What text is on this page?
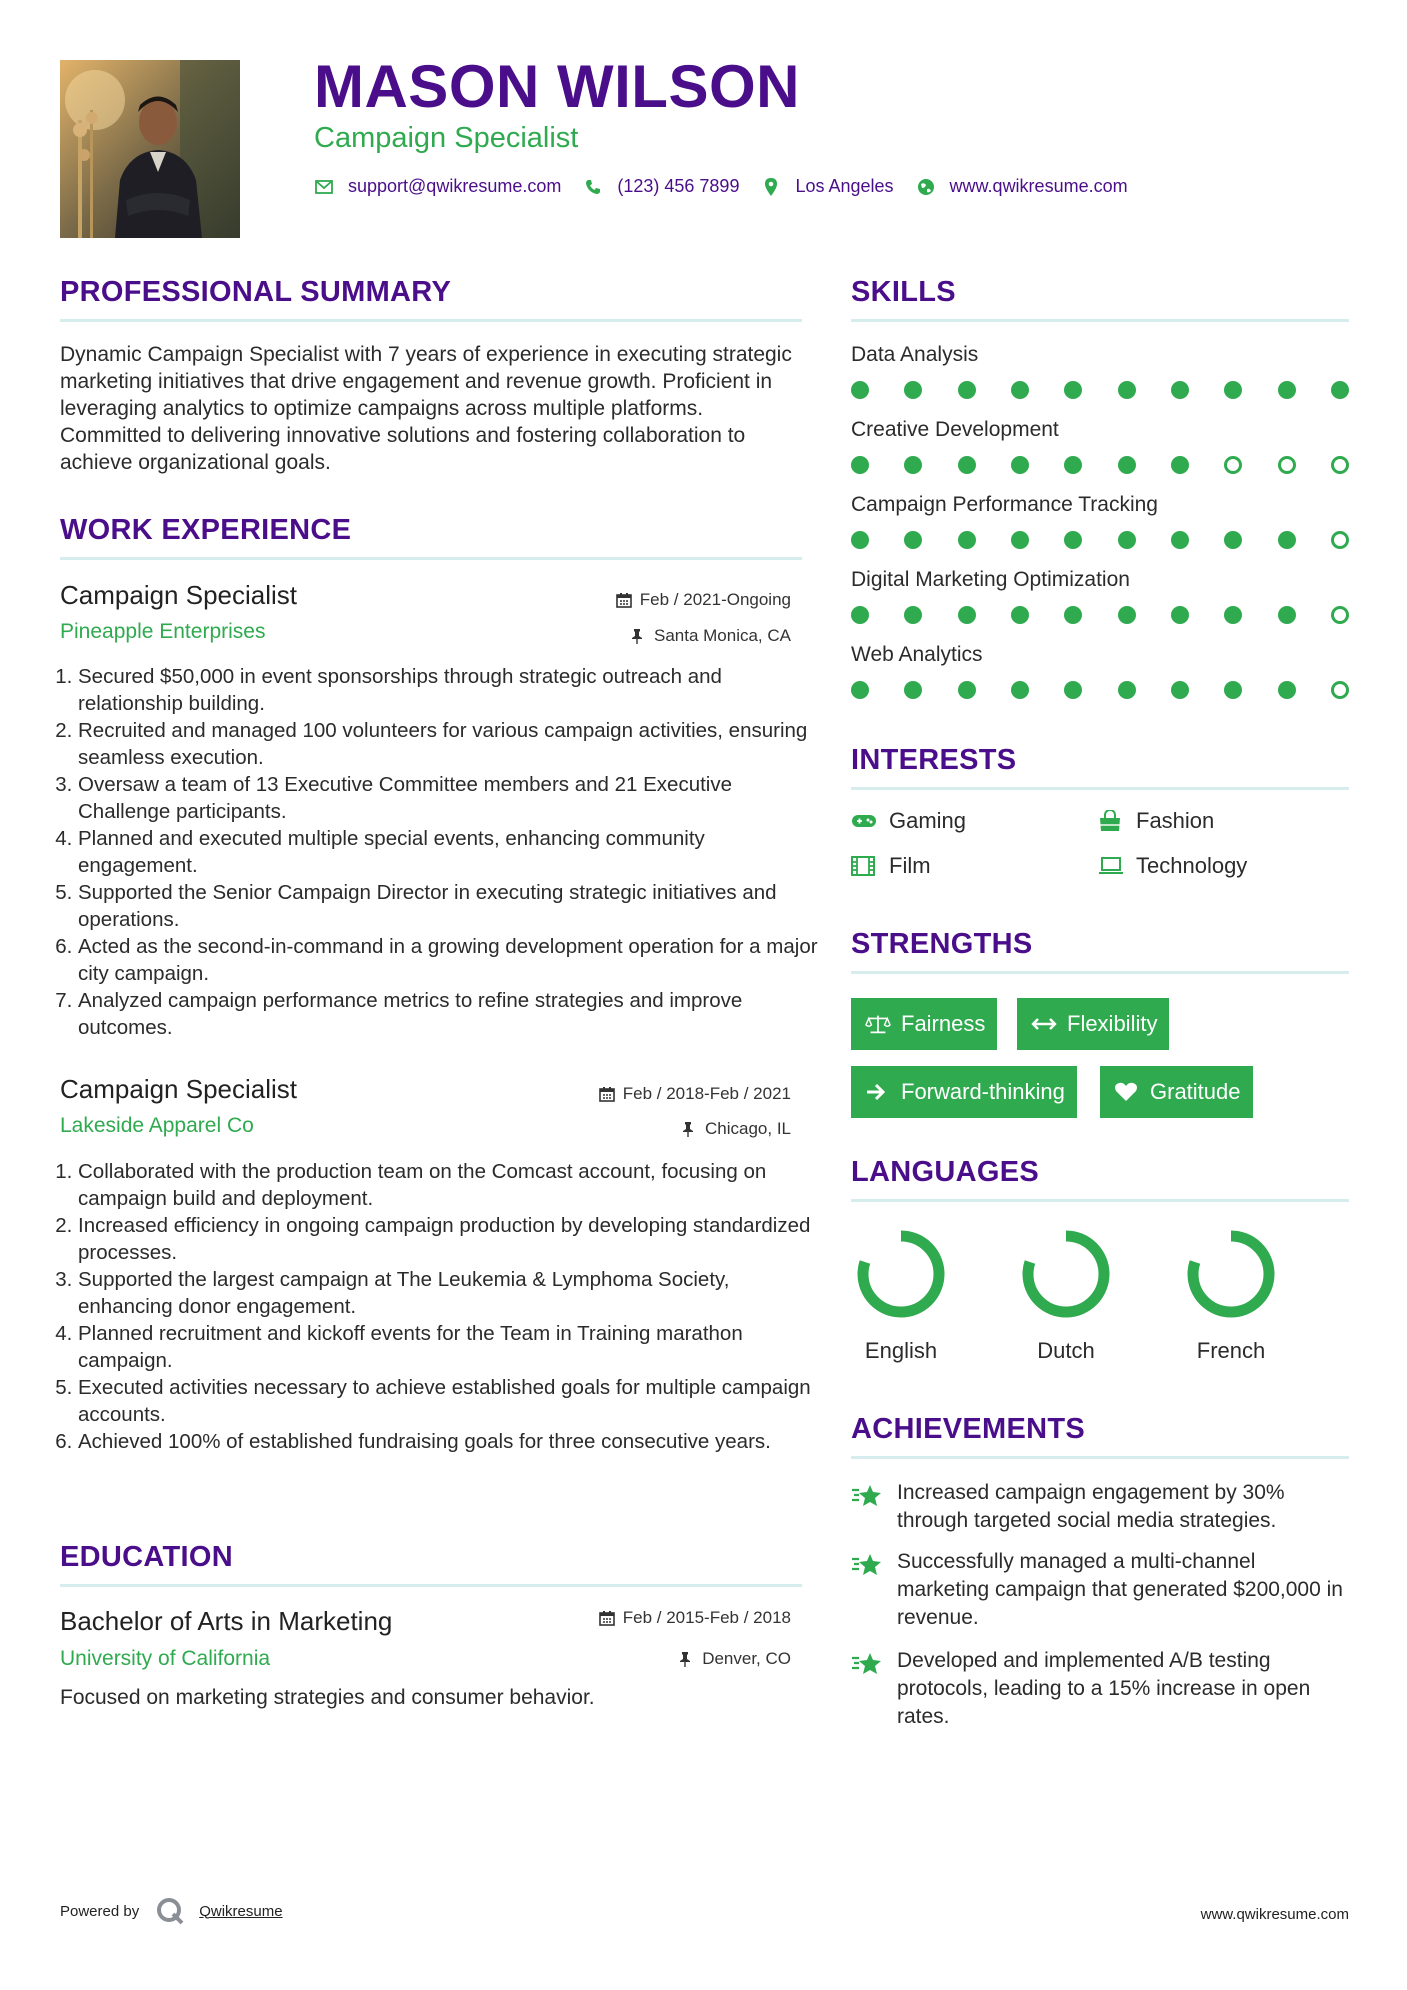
MASON WILSON
Campaign Specialist
support@qwikresume.com	(123) 456 7899	Los Angeles	www.qwikresume.com
PROFESSIONAL SUMMARY
Dynamic Campaign Specialist with 7 years of experience in executing strategic marketing initiatives that drive engagement and revenue growth. Proficient in leveraging analytics to optimize campaigns across multiple platforms. Committed to delivering innovative solutions and fostering collaboration to achieve organizational goals.
WORK EXPERIENCE
Campaign Specialist
Pineapple Enterprises
Feb / 2021-Ongoing
Santa Monica, CA
1. Secured $50,000 in event sponsorships through strategic outreach and relationship building.
2. Recruited and managed 100 volunteers for various campaign activities, ensuring seamless execution.
3. Oversaw a team of 13 Executive Committee members and 21 Executive Challenge participants.
4. Planned and executed multiple special events, enhancing community engagement.
5. Supported the Senior Campaign Director in executing strategic initiatives and operations.
6. Acted as the second-in-command in a growing development operation for a major city campaign.
7. Analyzed campaign performance metrics to refine strategies and improve outcomes.
Campaign Specialist
Lakeside Apparel Co
Feb / 2018-Feb / 2021
Chicago, IL
1. Collaborated with the production team on the Comcast account, focusing on campaign build and deployment.
2. Increased efficiency in ongoing campaign production by developing standardized processes.
3. Supported the largest campaign at The Leukemia & Lymphoma Society, enhancing donor engagement.
4. Planned recruitment and kickoff events for the Team in Training marathon campaign.
5. Executed activities necessary to achieve established goals for multiple campaign accounts.
6. Achieved 100% of established fundraising goals for three consecutive years.
EDUCATION
Bachelor of Arts in Marketing
University of California
Feb / 2015-Feb / 2018
Denver, CO
Focused on marketing strategies and consumer behavior.
SKILLS
Data Analysis
Creative Development
Campaign Performance Tracking
Digital Marketing Optimization
Web Analytics
INTERESTS
Gaming	Fashion
Film	Technology
STRENGTHS
Fairness	Flexibility
Forward-thinking	Gratitude
LANGUAGES
English	Dutch	French
ACHIEVEMENTS
Increased campaign engagement by 30% through targeted social media strategies.
Successfully managed a multi-channel marketing campaign that generated $200,000 in revenue.
Developed and implemented A/B testing protocols, leading to a 15% increase in open rates.
Powered by	Qwikresume	www.qwikresume.com
